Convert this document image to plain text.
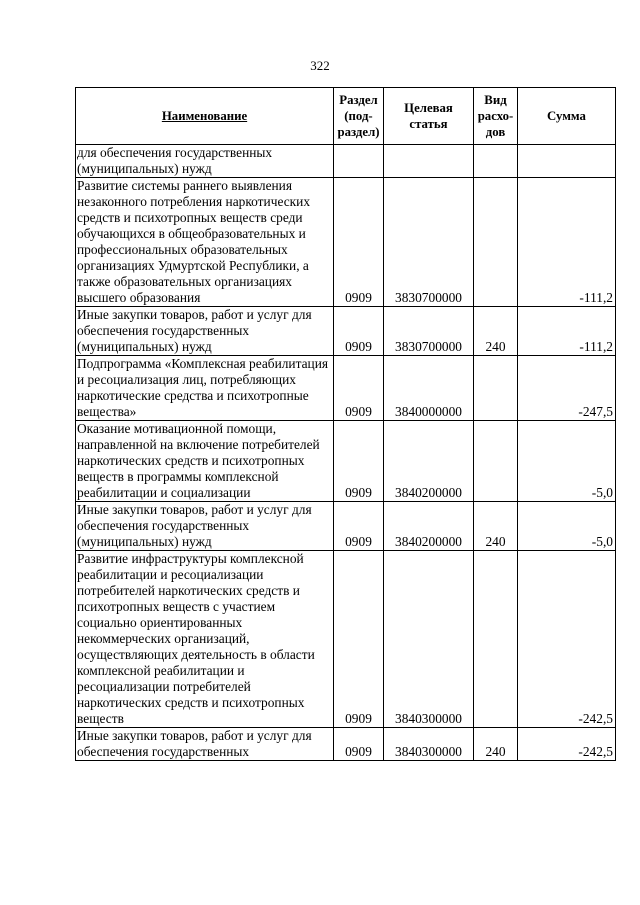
322
Наименование	Раздел (под-раздел)	Целевая статья	Вид расхо-дов	Сумма
для обеспечения государственных (муниципальных) нужд				
Развитие системы раннего выявления незаконного потребления наркотических средств и психотропных веществ среди обучающихся в общеобразовательных и профессиональных образовательных организациях Удмуртской Республики, а также образовательных организациях высшего образования	0909	3830700000		-111,2
Иные закупки товаров, работ и услуг для обеспечения государственных (муниципальных) нужд	0909	3830700000	240	-111,2
Подпрограмма «Комплексная реабилитация и ресоциализация лиц, потребляющих наркотические средства и психотропные вещества»	0909	3840000000		-247,5
Оказание мотивационной помощи, направленной на включение потребителей наркотических средств и психотропных веществ в программы комплексной реабилитации и социализации	0909	3840200000		-5,0
Иные закупки товаров, работ и услуг для обеспечения государственных (муниципальных) нужд	0909	3840200000	240	-5,0
Развитие инфраструктуры комплексной реабилитации и ресоциализации потребителей наркотических средств и психотропных веществ с участием социально ориентированных некоммерческих организаций, осуществляющих деятельность в области комплексной реабилитации и ресоциализации потребителей наркотических средств и психотропных веществ	0909	3840300000		-242,5
Иные закупки товаров, работ и услуг для обеспечения государственных	0909	3840300000	240	-242,5
